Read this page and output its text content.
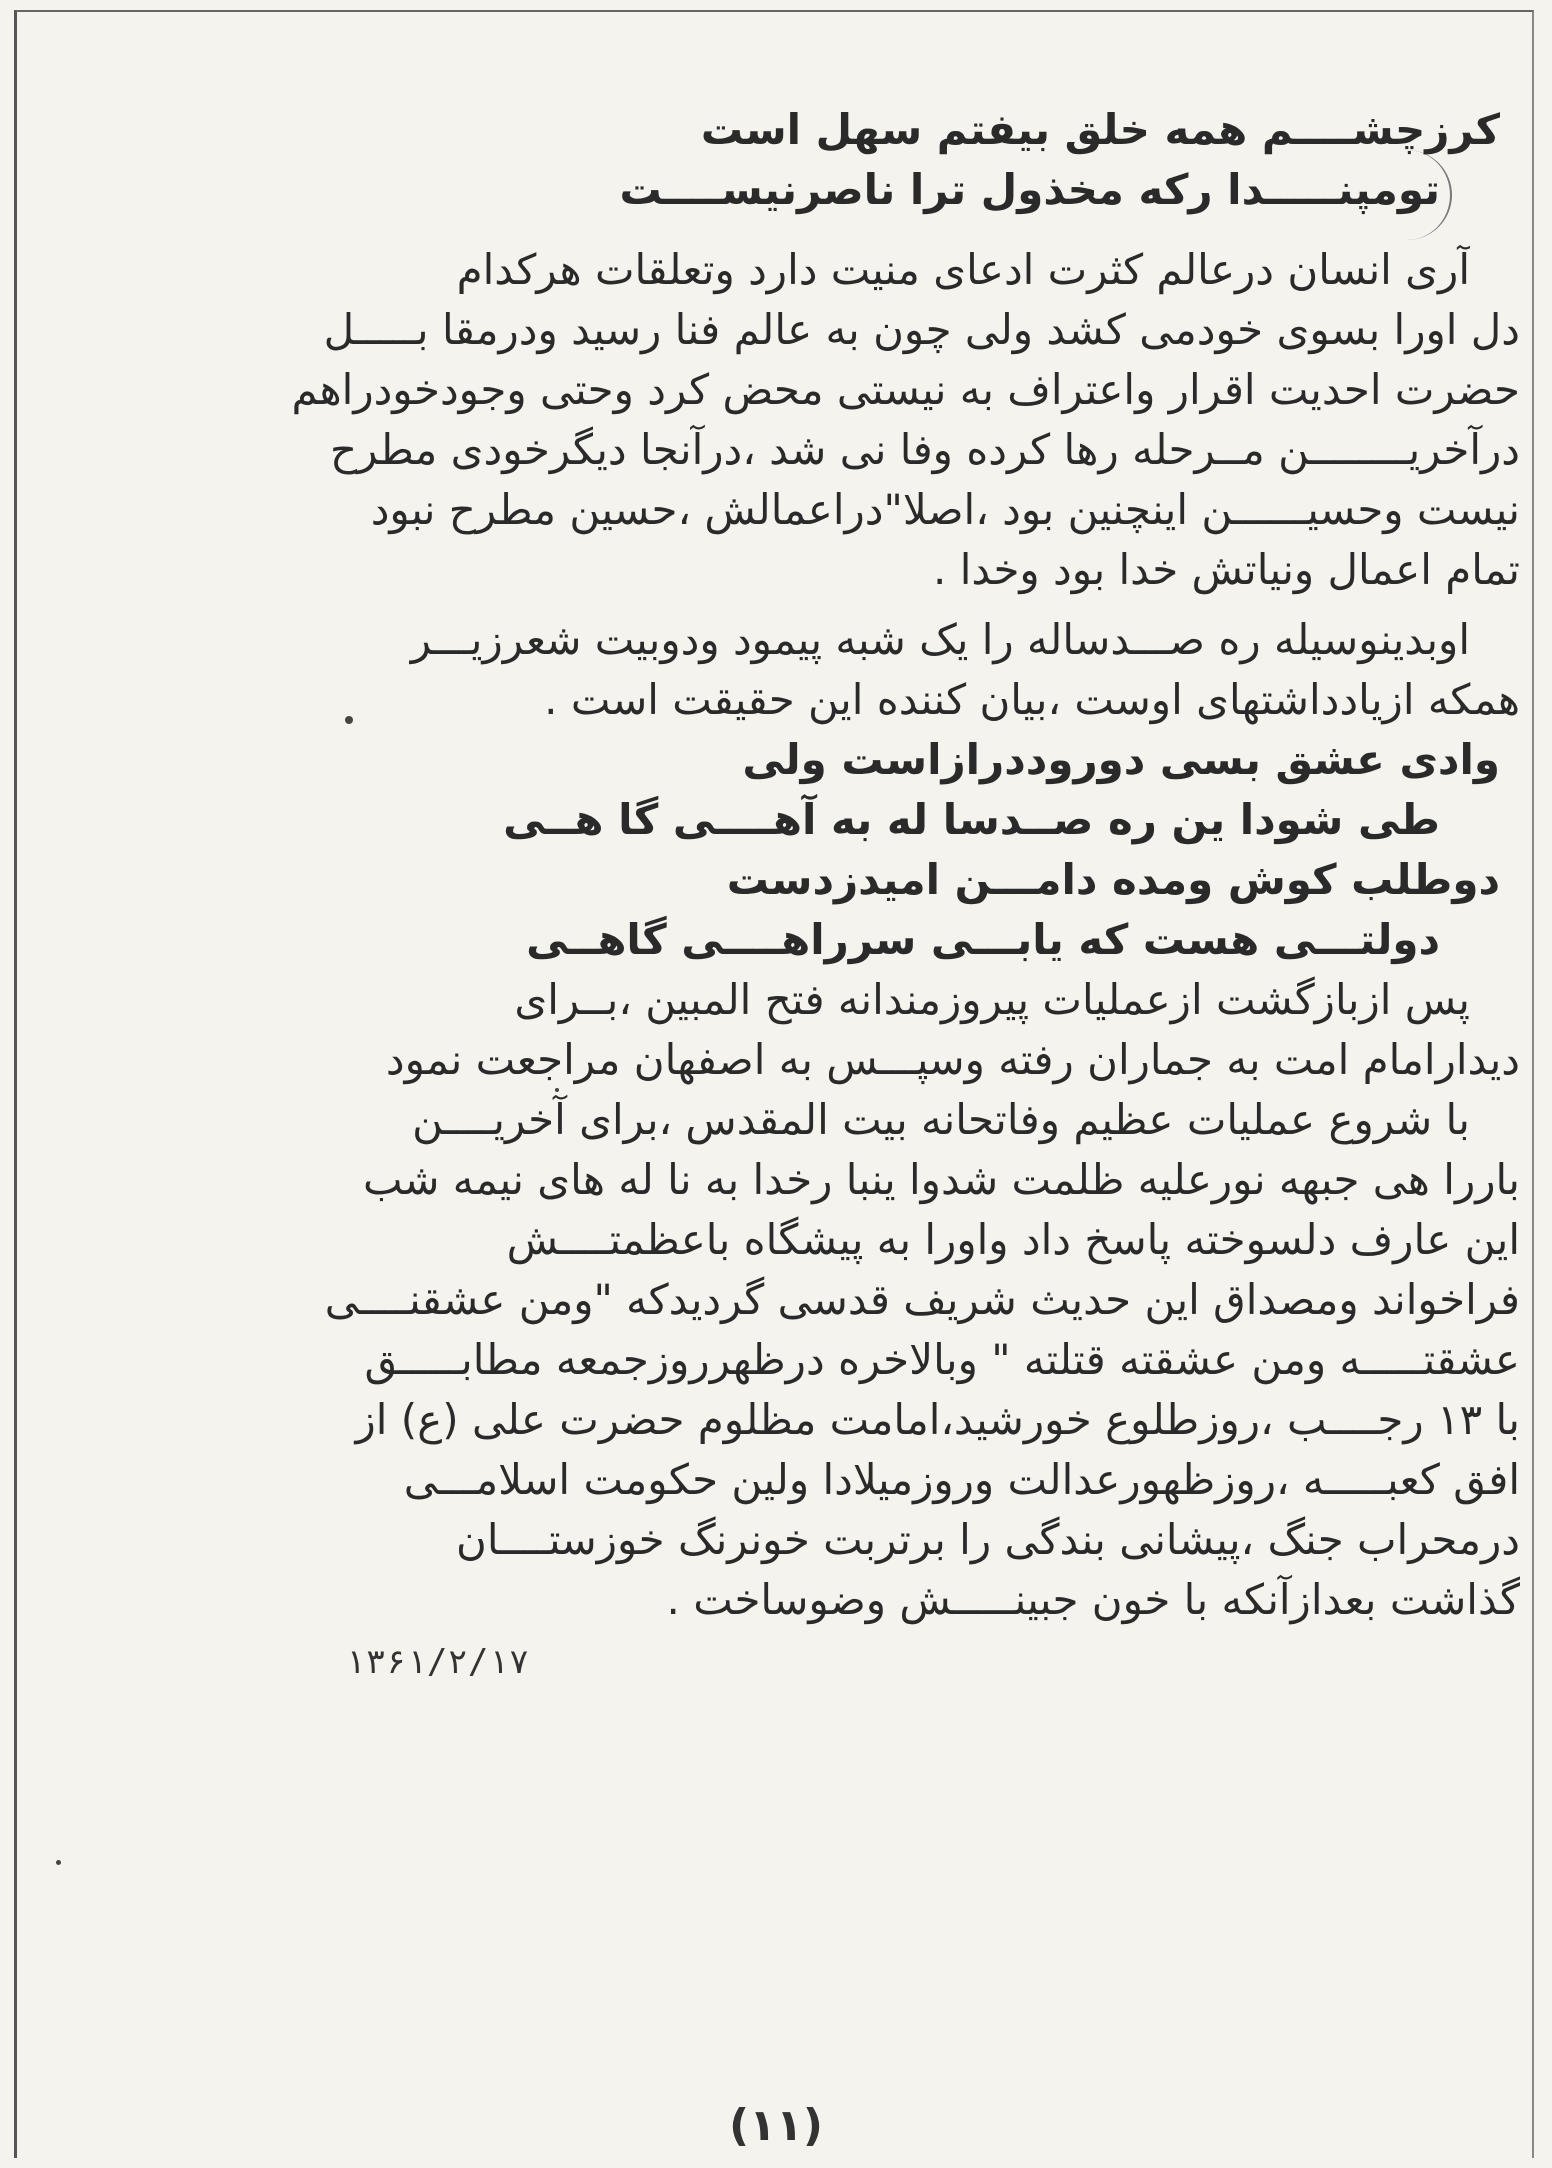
کرزچشــــم همه خلق بیفتم سهل است
تومپنـــــدا رکه مخذول ترا ناصرنیســــت
آری انسان درعالم کثرت ادعای منیت دارد وتعلقات هرکدام
دل اورا بسوی خودمی کشد ولی چون به عالم فنا رسید ودرمقا بـــــل
حضرت احدیت اقرار واعتراف به نیستی محض کرد وحتی وجودخودراهم
درآخریــــــــن مــرحله رها کرده وفا نی شد ،درآنجا دیگرخودی مطرح
نیست وحسیــــــن اینچنین بود ،اصلا"دراعمالش ،حسین مطرح نبود
تمام اعمال ونیاتش خدا بود وخدا .
اوبدینوسیله ره صـــدساله را یک شبه پیمود ودوبیت شعرزیـــر
همکه ازیادداشتهای اوست ،بیان کننده این حقیقت است .
وادی عشق بسی دوروددرازاست ولی
طی شودا ین ره صــدسا له به آهــــی گا هــی
دوطلب کوش ومده دامـــن امیدزدست
دولتـــی هست که یابـــی سرراهــــی گاهــی
پس ازبازگشت ازعملیات پیروزمندانه فتح المبین ،بــرای
دیدارامام امت به جماران رفته وسپـــس به اصفهان مراجعت نمود
با شروع عملیات عظیم وفاتحانه بیت المقدس ،برای آخریــــن
باررا هی جبهه نورعلیه ظلمت شدوا ینبا رخدا به نا له های نیمه شب
این عارف دلسوخته پاسخ داد واورا به پیشگاه باعظمتــــش
فراخواند ومصداق این حدیث شریف قدسی گردیدکه "ومن عشقنــــی
عشقتـــــه ومن عشقته قتلته " وبالاخره درظهرروزجمعه مطابـــــق
با ۱۳ رجــــب ،روزطلوع خورشید،امامت مظلوم حضرت علی (ع) از
افق کعبـــــه ،روزظهورعدالت وروزمیلادا ولین حکومت اسلامـــی
درمحراب جنگ ،پیشانی بندگی را برتربت خونرنگ خوزستــــان
گذاشت بعدازآنکه با خون جبینـــــش وضوساخت .
۱۳۶۱/۲/۱۷
(۱۱)
